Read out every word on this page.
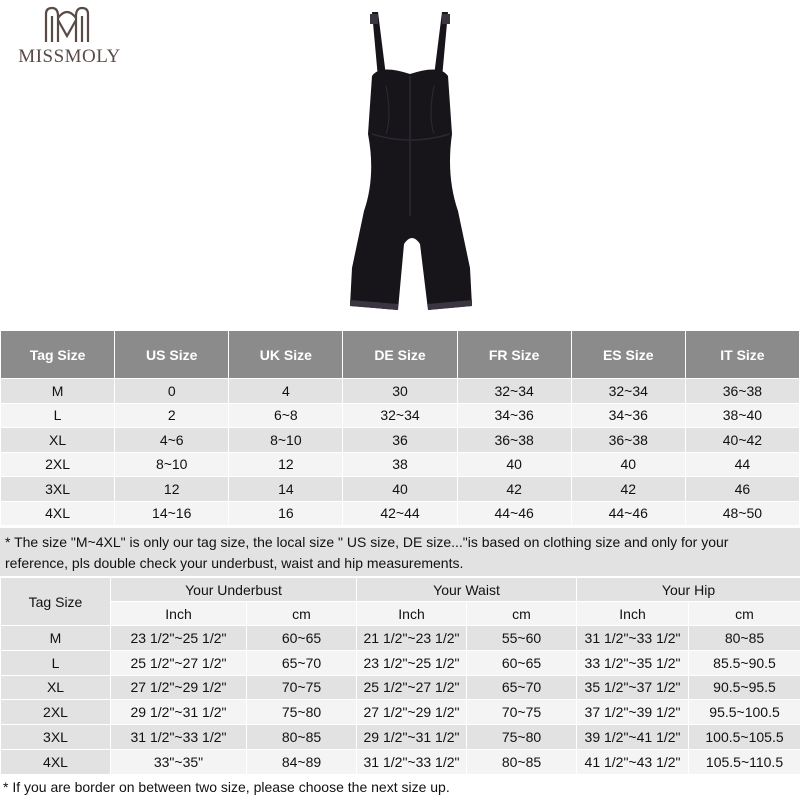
MISSMOLY
Tag Size	US Size	UK Size	DE Size	FR Size	ES Size	IT Size
M	0	4	30	32~34	32~34	36~38
L	2	6~8	32~34	34~36	34~36	38~40
XL	4~6	8~10	36	36~38	36~38	40~42
2XL	8~10	12	38	40	40	44
3XL	12	14	40	42	42	46
4XL	14~16	16	42~44	44~46	44~46	48~50
* The size "M~4XL" is only our tag size, the local size " US size, DE size..."is based on clothing size and only for your reference, pls double check your underbust, waist and hip measurements.
Tag Size	Your Underbust		Your Waist		Your Hip	
	Inch	cm	Inch	cm	Inch	cm
M	23 1/2"~25 1/2"	60~65	21 1/2"~23 1/2"	55~60	31 1/2"~33 1/2"	80~85
L	25 1/2"~27 1/2"	65~70	23 1/2"~25 1/2"	60~65	33 1/2"~35 1/2"	85.5~90.5
XL	27 1/2"~29 1/2"	70~75	25 1/2"~27 1/2"	65~70	35 1/2"~37 1/2"	90.5~95.5
2XL	29 1/2"~31 1/2"	75~80	27 1/2"~29 1/2"	70~75	37 1/2"~39 1/2"	95.5~100.5
3XL	31 1/2"~33 1/2"	80~85	29 1/2"~31 1/2"	75~80	39 1/2"~41 1/2"	100.5~105.5
4XL	33"~35"	84~89	31 1/2"~33 1/2"	80~85	41 1/2"~43 1/2"	105.5~110.5
* If you are border on between two size, please choose the next size up.
